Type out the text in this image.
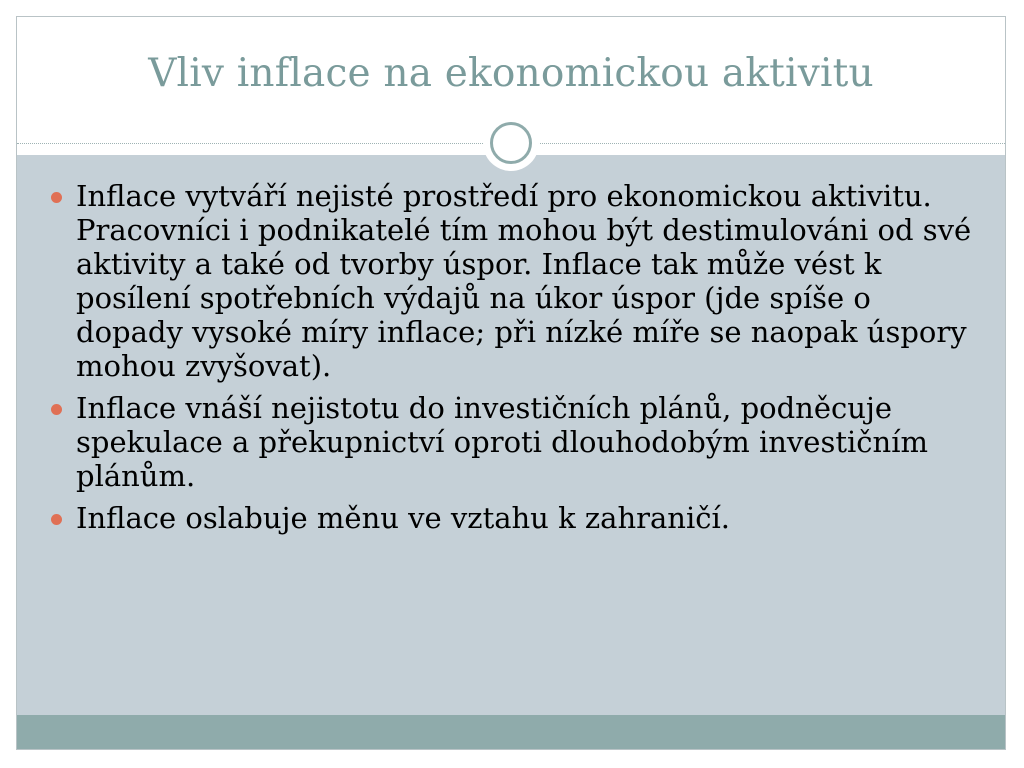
Vliv inflace na ekonomickou aktivitu
Inflace vytváří nejisté prostředí pro ekonomickou aktivitu. Pracovníci i podnikatelé tím mohou být destimulováni od své aktivity a také od tvorby úspor. Inflace tak může vést k posílení spotřebních výdajů na úkor úspor (jde spíše o dopady vysoké míry inflace; při nízké míře se naopak úspory mohou zvyšovat).
Inflace vnáší nejistotu do investičních plánů, podněcuje spekulace a překupnictví oproti dlouhodobým investičním plánům.
Inflace oslabuje měnu ve vztahu k zahraničí.
